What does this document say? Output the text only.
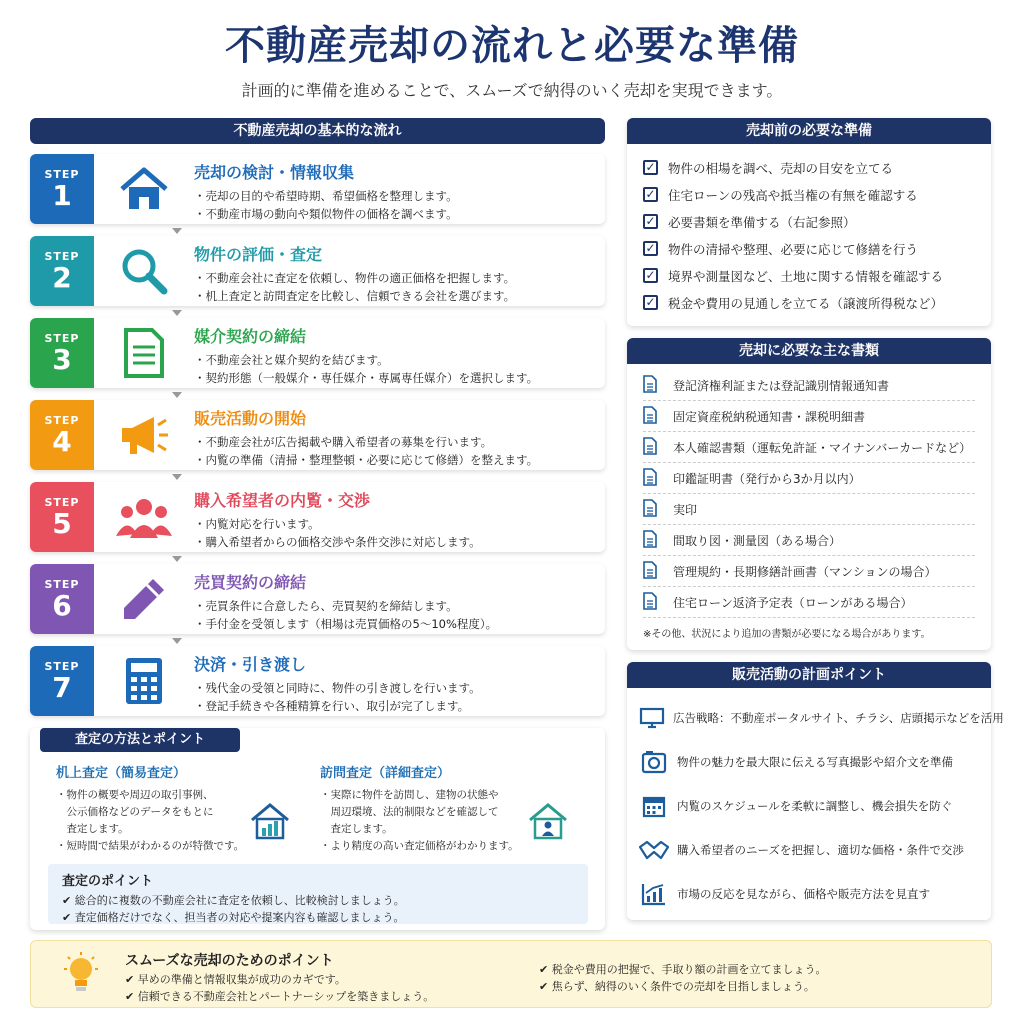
不動産売却の流れと必要な準備
計画的に準備を進めることで、スムーズで納得のいく売却を実現できます。
不動産売却の基本的な流れ
STEP
1
売却の検討・情報収集

・売却の目的や希望時期、希望価格を整理します。

・不動産市場の動向や類似物件の価格を調べます。

STEP
2
物件の評価・査定

・不動産会社に査定を依頼し、物件の適正価格を把握します。

・机上査定と訪問査定を比較し、信頼できる会社を選びます。

STEP
3
媒介契約の締結

・不動産会社と媒介契約を結びます。

・契約形態（一般媒介・専任媒介・専属専任媒介）を選択します。

STEP
4
販売活動の開始

・不動産会社が広告掲載や購入希望者の募集を行います。

・内覧の準備（清掃・整理整頓・必要に応じて修繕）を整えます。

STEP
5
購入希望者の内覧・交渉

・内覧対応を行います。

・購入希望者からの価格交渉や条件交渉に対応します。

STEP
6
売買契約の締結

・売買条件に合意したら、売買契約を締結します。

・手付金を受領します（相場は売買価格の5〜10%程度）。

STEP
7
決済・引き渡し

・残代金の受領と同時に、物件の引き渡しを行います。

・登記手続きや各種精算を行い、取引が完了します。

査定の方法とポイント
机上査定（簡易査定）

・物件の概要や周辺の取引事例、

　公示価格などのデータをもとに

　査定します。

・短時間で結果がわかるのが特徴です。

訪問査定（詳細査定）

・実際に物件を訪問し、建物の状態や

　周辺環境、法的制限などを確認して

　査定します。

・より精度の高い査定価格がわかります。

査定のポイント

✔ 総合的に複数の不動産会社に査定を依頼し、比較検討しましょう。

✔ 査定価格だけでなく、担当者の対応や提案内容も確認しましょう。

売却前の必要な準備
✓ 物件の相場を調べ、売却の目安を立てる
✓ 住宅ローンの残高や抵当権の有無を確認する
✓ 必要書類を準備する（右記参照）
✓ 物件の清掃や整理、必要に応じて修繕を行う
✓ 境界や測量図など、土地に関する情報を確認する
✓ 税金や費用の見通しを立てる（譲渡所得税など）
売却に必要な主な書類
登記済権利証または登記識別情報通知書
固定資産税納税通知書・課税明細書
本人確認書類（運転免許証・マイナンバーカードなど）
印鑑証明書（発行から3か月以内）
実印
間取り図・測量図（ある場合）
管理規約・長期修繕計画書（マンションの場合）
住宅ローン返済予定表（ローンがある場合）
※その他、状況により追加の書類が必要になる場合があります。
販売活動の計画ポイント
広告戦略：不動産ポータルサイト、チラシ、店頭掲示などを活用
物件の魅力を最大限に伝える写真撮影や紹介文を準備
内覧のスケジュールを柔軟に調整し、機会損失を防ぐ
購入希望者のニーズを把握し、適切な価格・条件で交渉
市場の反応を見ながら、価格や販売方法を見直す
スムーズな売却のためのポイント

✔ 早めの準備と情報収集が成功のカギです。

✔ 信頼できる不動産会社とパートナーシップを築きましょう。

✔ 税金や費用の把握で、手取り額の計画を立てましょう。

✔ 焦らず、納得のいく条件での売却を目指しましょう。
